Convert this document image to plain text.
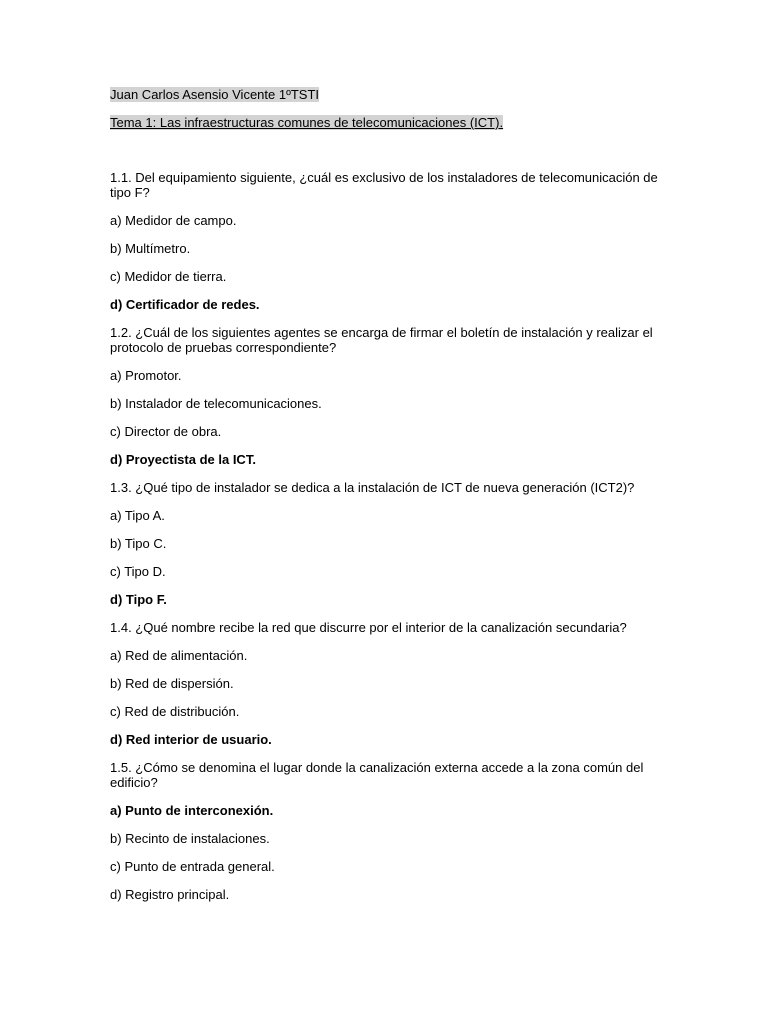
Juan Carlos Asensio Vicente 1ºTSTI
Tema 1: Las infraestructuras comunes de telecomunicaciones (ICT).

1.1. Del equipamiento siguiente, ¿cuál es exclusivo de los instaladores de telecomunicación de tipo F?

a) Medidor de campo.

b) Multímetro.

c) Medidor de tierra.

d) Certificador de redes.

1.2. ¿Cuál de los siguientes agentes se encarga de firmar el boletín de instalación y realizar el protocolo de pruebas correspondiente?

a) Promotor.

b) Instalador de telecomunicaciones.

c) Director de obra.

d) Proyectista de la ICT.

1.3. ¿Qué tipo de instalador se dedica a la instalación de ICT de nueva generación (ICT2)?

a) Tipo A.

b) Tipo C.

c) Tipo D.

d) Tipo F.

1.4. ¿Qué nombre recibe la red que discurre por el interior de la canalización secundaria?

a) Red de alimentación.

b) Red de dispersión.

c) Red de distribución.

d) Red interior de usuario.

1.5. ¿Cómo se denomina el lugar donde la canalización externa accede a la zona común del edificio?

a) Punto de interconexión.

b) Recinto de instalaciones.

c) Punto de entrada general.

d) Registro principal.
